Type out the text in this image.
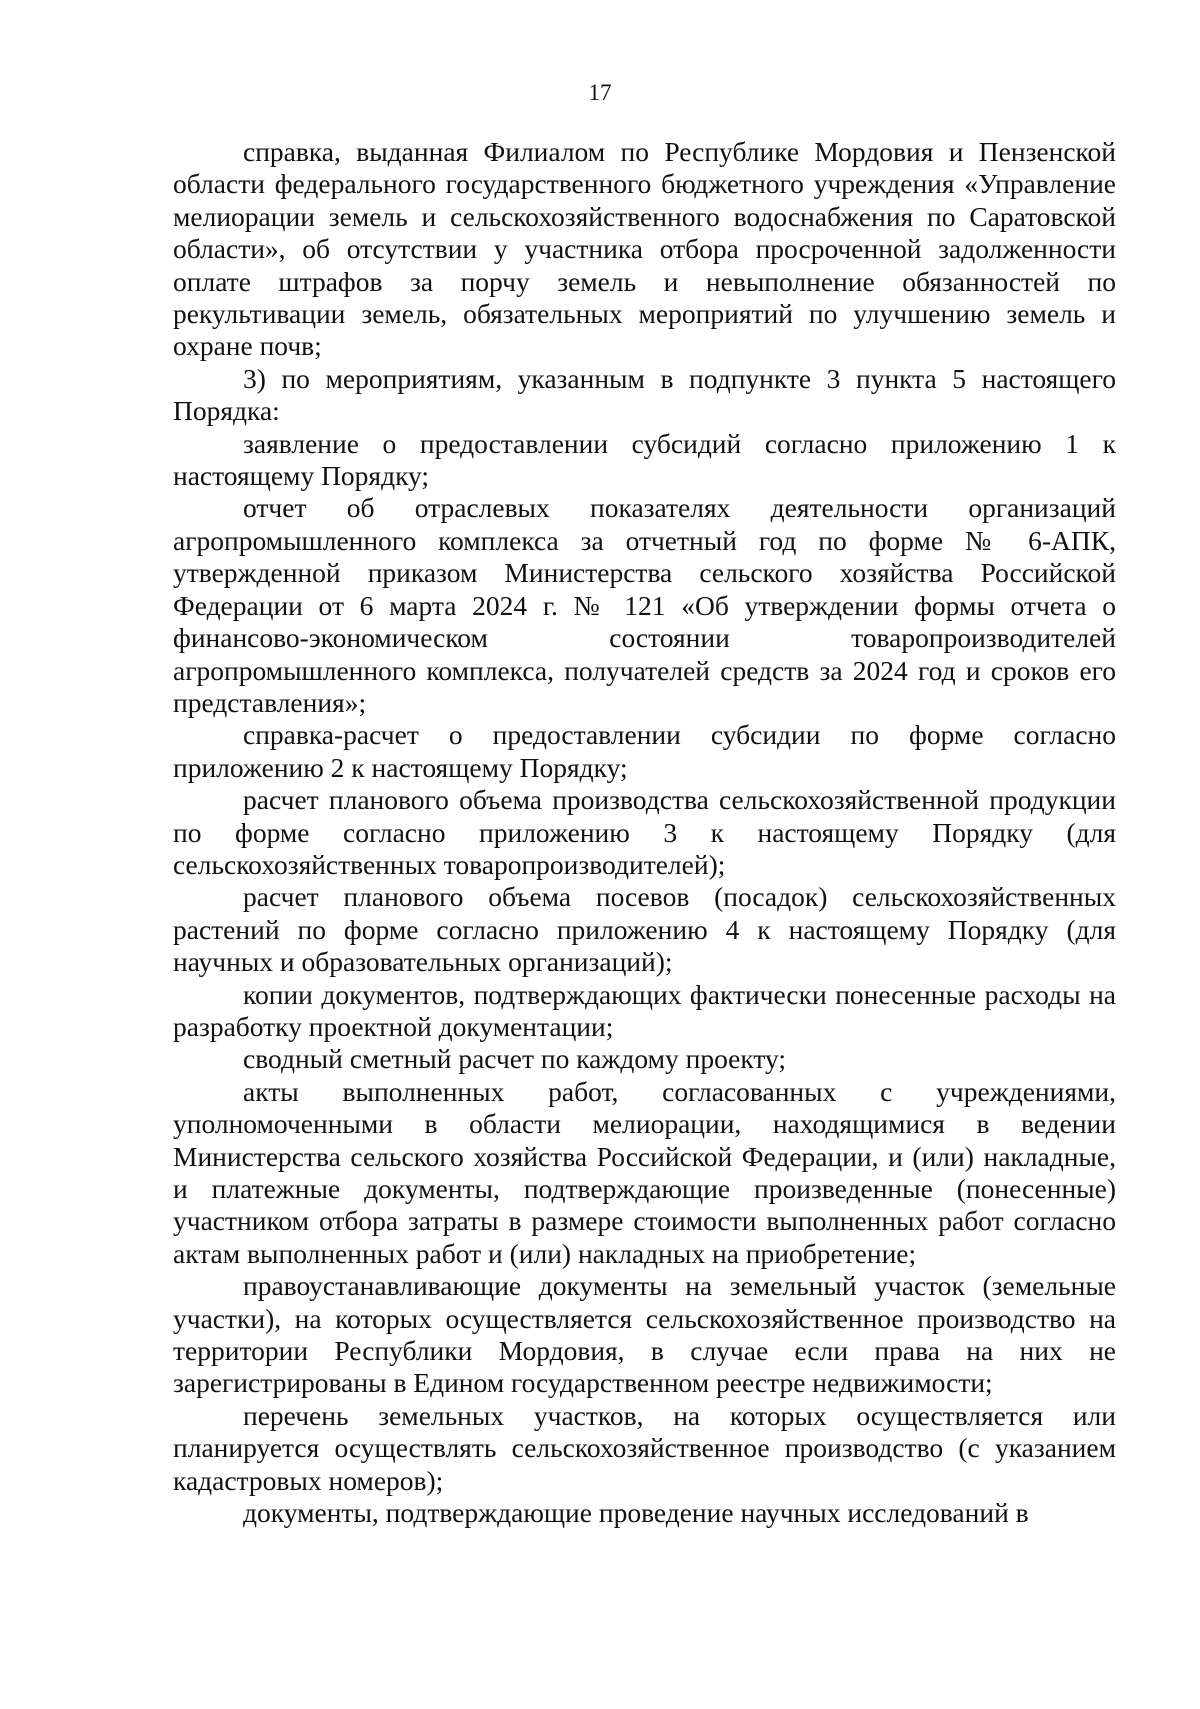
17

справка, выданная Филиалом по Республике Мордовия и Пензенской области федерального государственного бюджетного учреждения «Управление мелиорации земель и сельскохозяйственного водоснабжения по Саратовской области», об отсутствии у участника отбора просроченной задолженности оплате штрафов за порчу земель и невыполнение обязанностей по рекультивации земель, обязательных мероприятий по улучшению земель и охране почв;

3) по мероприятиям, указанным в подпункте 3 пункта 5 настоящего Порядка:

заявление о предоставлении субсидий согласно приложению 1 к настоящему Порядку;

отчет об отраслевых показателях деятельности организаций агропромышленного комплекса за отчетный год по форме № 6-АПК, утвержденной приказом Министерства сельского хозяйства Российской Федерации от 6 марта 2024 г. № 121 «Об утверждении формы отчета о финансово-экономическом состоянии товаропроизводителей агропромышленного комплекса, получателей средств за 2024 год и сроков его представления»;

справка-расчет о предоставлении субсидии по форме согласно приложению 2 к настоящему Порядку;

расчет планового объема производства сельскохозяйственной продукции по форме согласно приложению 3 к настоящему Порядку (для сельскохозяйственных товаропроизводителей);

расчет планового объема посевов (посадок) сельскохозяйственных растений по форме согласно приложению 4 к настоящему Порядку (для научных и образовательных организаций);

копии документов, подтверждающих фактически понесенные расходы на разработку проектной документации;

сводный сметный расчет по каждому проекту;

акты выполненных работ, согласованных с учреждениями, уполномоченными в области мелиорации, находящимися в ведении Министерства сельского хозяйства Российской Федерации, и (или) накладные, и платежные документы, подтверждающие произведенные (понесенные) участником отбора затраты в размере стоимости выполненных работ согласно актам выполненных работ и (или) накладных на приобретение;

правоустанавливающие документы на земельный участок (земельные участки), на которых осуществляется сельскохозяйственное производство на территории Республики Мордовия, в случае если права на них не зарегистрированы в Едином государственном реестре недвижимости;

перечень земельных участков, на которых осуществляется или планируется осуществлять сельскохозяйственное производство (с указанием кадастровых номеров);

документы, подтверждающие проведение научных исследований в
